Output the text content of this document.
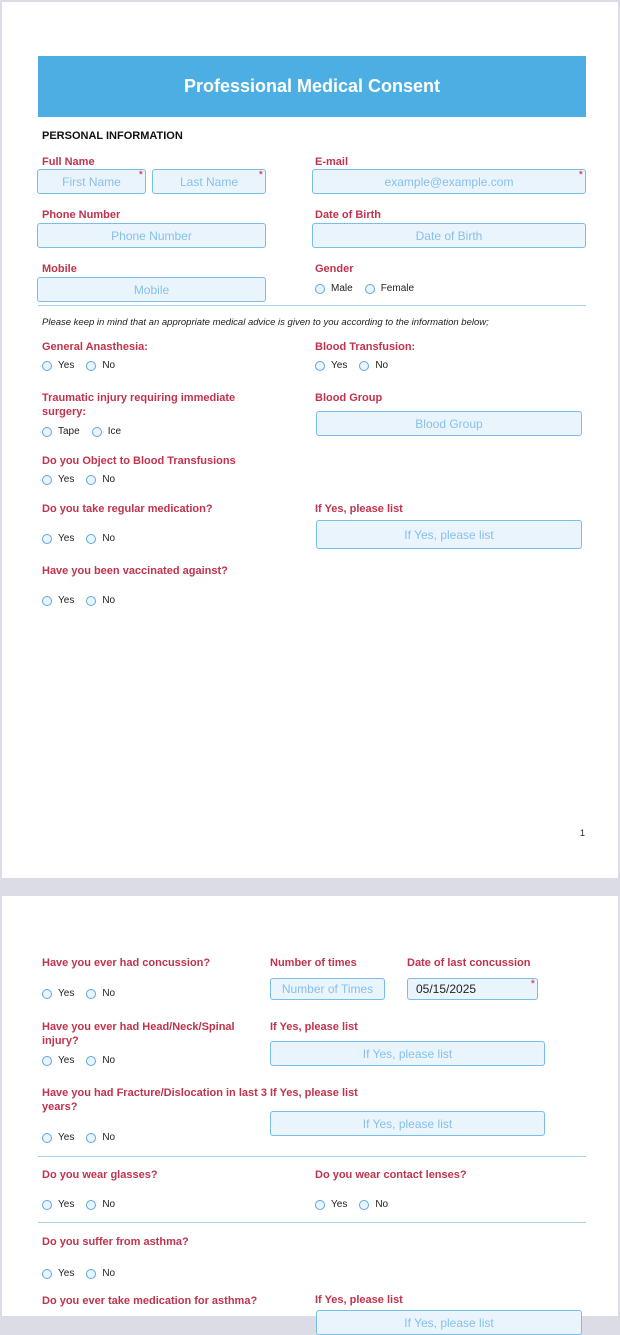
Professional Medical Consent
PERSONAL INFORMATION
Full Name
First Name *	Last Name *
E-mail
example@example.com	*
Phone Number
Phone Number
Date of Birth
Date of Birth
Mobile
Mobile
Gender
Male	Female
Please keep in mind that an appropriate medical advice is given to you according to the information below;
General Anasthesia:
Yes	No
Blood Transfusion:
Yes	No
Traumatic injury requiring immediate surgery:
Tape	Ice
Blood Group
Blood Group
Do you Object to Blood Transfusions
Yes	No
Do you take regular medication?
Yes	No
If Yes, please list
If Yes, please list
Have you been vaccinated against?
Yes	No
1
Have you ever had concussion?
Yes	No
Number of times
Number of Times
Date of last concussion
05/15/2025	*
Have you ever had Head/Neck/Spinal injury?
Yes	No
If Yes, please list
If Yes, please list
Have you had Fracture/Dislocation in last 3 years?
Yes	No
If Yes, please list
If Yes, please list
Do you wear glasses?
Yes	No
Do you wear contact lenses?
Yes	No
Do you suffer from asthma?
Yes	No
Do you ever take medication for asthma?	If Yes, please list
If Yes, please list
